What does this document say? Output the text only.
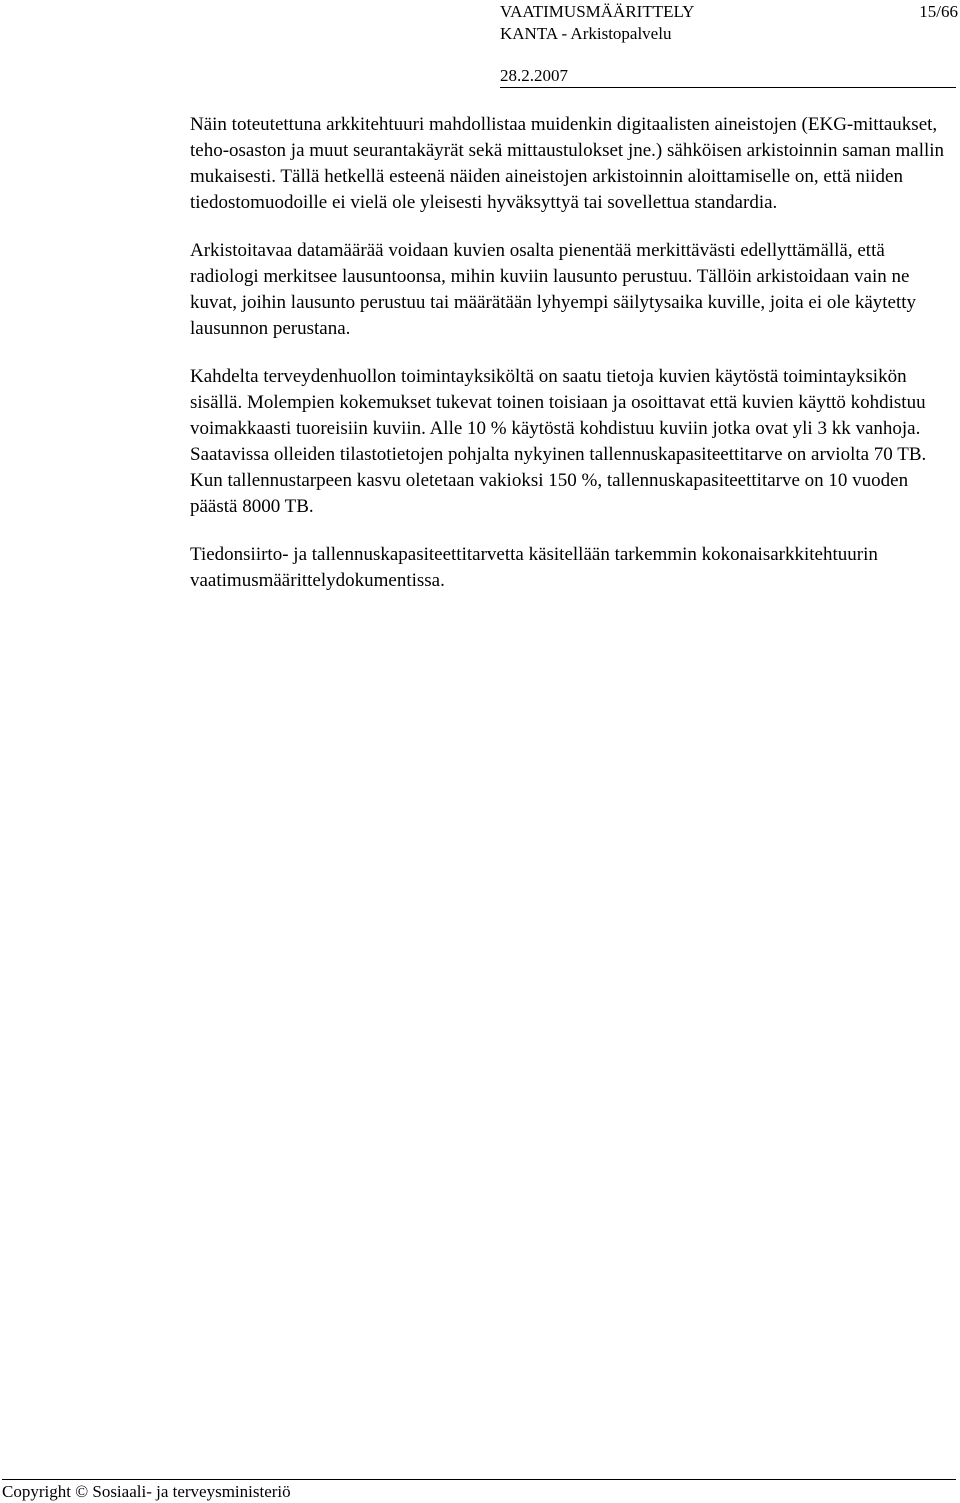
VAATIMUSMÄÄRITTELY	15/66
KANTA - Arkistopalvelu
28.2.2007

Näin toteutettuna arkkitehtuuri mahdollistaa muidenkin digitaalisten aineistojen (EKG-mittaukset, teho-osaston ja muut seurantakäyrät sekä mittaustulokset jne.) sähköisen arkistoinnin saman mallin mukaisesti. Tällä hetkellä esteenä näiden aineistojen arkistoinnin aloittamiselle on, että niiden tiedostomuodoille ei vielä ole yleisesti hyväksyttyä tai sovellettua standardia.

Arkistoitavaa datamäärää voidaan kuvien osalta pienentää merkittävästi edellyttämällä, että radiologi merkitsee lausuntoonsa, mihin kuviin lausunto perustuu. Tällöin arkistoidaan vain ne kuvat, joihin lausunto perustuu tai määrätään lyhyempi säilytysaika kuville, joita ei ole käytetty lausunnon perustana.

Kahdelta terveydenhuollon toimintayksiköltä on saatu tietoja kuvien käytöstä toimintayksikön sisällä. Molempien kokemukset tukevat toinen toisiaan ja osoittavat että kuvien käyttö kohdistuu voimakkaasti tuoreisiin kuviin. Alle 10 % käytöstä kohdistuu kuviin jotka ovat yli 3 kk vanhoja. Saatavissa olleiden tilastotietojen pohjalta nykyinen tallennuskapasiteettitarve on arviolta 70 TB. Kun tallennustarpeen kasvu oletetaan vakioksi 150 %, tallennuskapasiteettitarve on 10 vuoden päästä 8000 TB.

Tiedonsiirto- ja tallennuskapasiteettitarvetta käsitellään tarkemmin kokonaisarkkitehtuurin vaatimusmäärittelydokumentissa.

Copyright © Sosiaali- ja terveysministeriö
